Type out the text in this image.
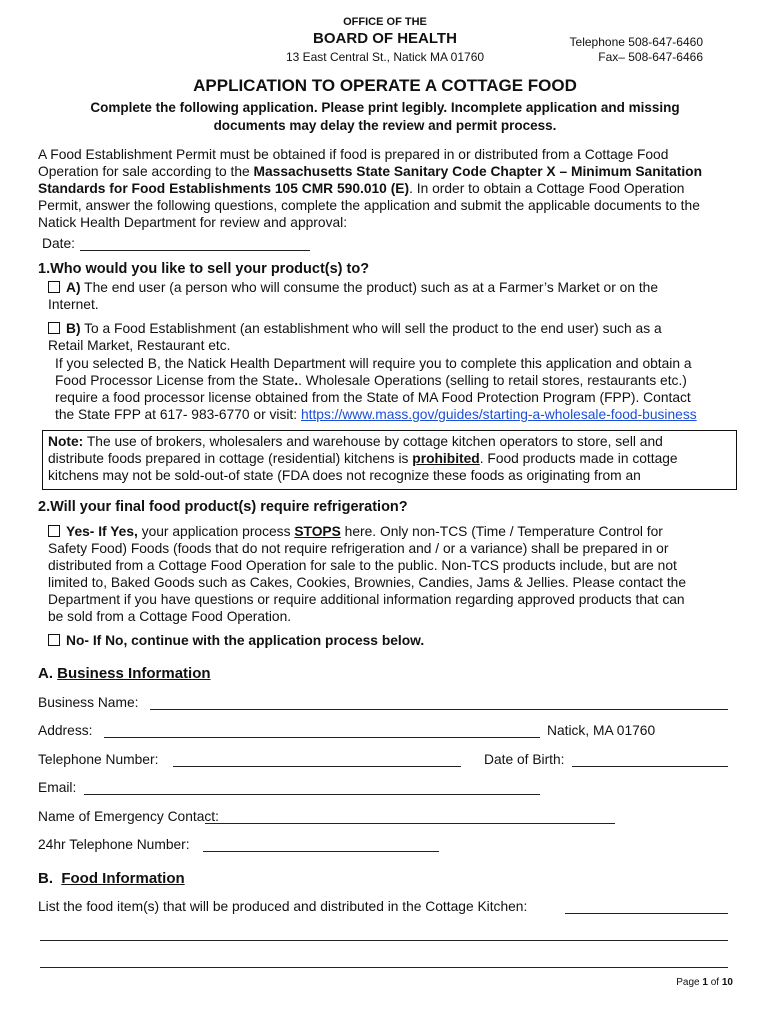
OFFICE OF THE
BOARD OF HEALTH
13 East Central St., Natick MA 01760
Telephone 508-647-6460
Fax– 508-647-6466
APPLICATION TO OPERATE A COTTAGE FOOD
Complete the following application. Please print legibly. Incomplete application and missing
documents may delay the review and permit process.
A Food Establishment Permit must be obtained if food is prepared in or distributed from a Cottage Food
Operation for sale according to the Massachusetts State Sanitary Code Chapter X – Minimum Sanitation
Standards for Food Establishments 105 CMR 590.010 (E). In order to obtain a Cottage Food Operation
Permit, answer the following questions, complete the application and submit the applicable documents to the
Natick Health Department for review and approval:
Date:
1.Who would you like to sell your product(s) to?
A) The end user (a person who will consume the product) such as at a Farmer’s Market or on the
Internet.
B) To a Food Establishment (an establishment who will sell the product to the end user) such as a
Retail Market, Restaurant etc.
If you selected B, the Natick Health Department will require you to complete this application and obtain a
Food Processor License from the State.. Wholesale Operations (selling to retail stores, restaurants etc.)
require a food processor license obtained from the State of MA Food Protection Program (FPP). Contact
the State FPP at 617- 983-6770 or visit: https://www.mass.gov/guides/starting-a-wholesale-food-business
Note: The use of brokers, wholesalers and warehouse by cottage kitchen operators to store, sell and
distribute foods prepared in cottage (residential) kitchens is prohibited. Food products made in cottage
kitchens may not be sold-out-of state (FDA does not recognize these foods as originating from an
2.Will your final food product(s) require refrigeration?
Yes- If Yes, your application process STOPS here. Only non-TCS (Time / Temperature Control for
Safety Food) Foods (foods that do not require refrigeration and / or a variance) shall be prepared in or
distributed from a Cottage Food Operation for sale to the public. Non-TCS products include, but are not
limited to, Baked Goods such as Cakes, Cookies, Brownies, Candies, Jams & Jellies. Please contact the
Department if you have questions or require additional information regarding approved products that can
be sold from a Cottage Food Operation.
No- If No, continue with the application process below.
A. Business Information
Business Name:
Address:	Natick, MA 01760
Telephone Number:	Date of Birth:
Email:
Name of Emergency Contact:
24hr Telephone Number:
B. Food Information
List the food item(s) that will be produced and distributed in the Cottage Kitchen:
Page 1 of 10
